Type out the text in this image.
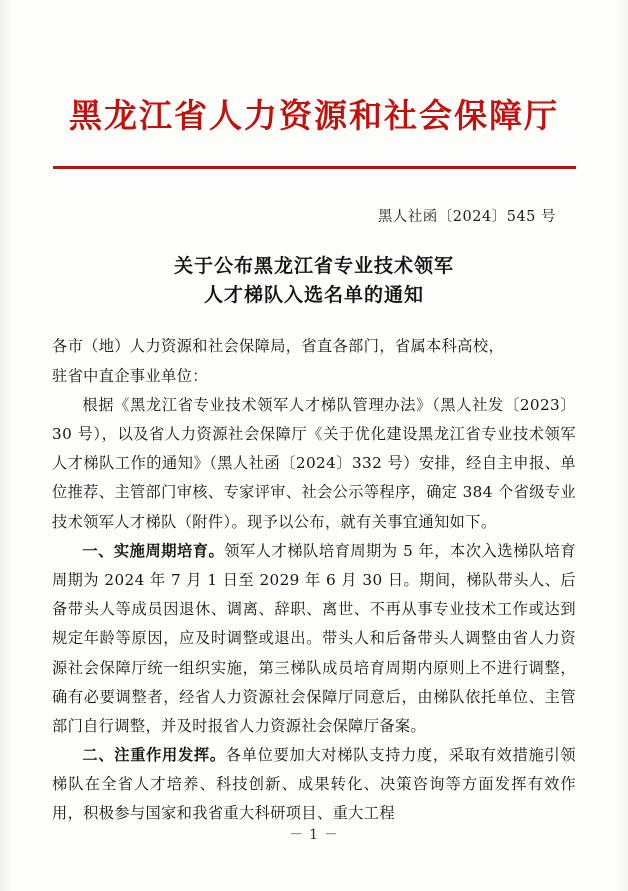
黑龙江省人力资源和社会保障厅
黑人社函〔2024〕545 号
关于公布黑龙江省专业技术领军
人才梯队入选名单的通知

各市（地）人力资源和社会保障局，省直各部门，省属本科高校，

驻省中直企事业单位：

根据《黑龙江省专业技术领军人才梯队管理办法》（黑人社发〔2023〕30 号），以及省人力资源社会保障厅《关于优化建设黑龙江省专业技术领军人才梯队工作的通知》（黑人社函〔2024〕332 号）安排，经自主申报、单位推荐、主管部门审核、专家评审、社会公示等程序，确定 384 个省级专业技术领军人才梯队（附件）。现予以公布，就有关事宜通知如下。

一、实施周期培育。领军人才梯队培育周期为 5 年，本次入选梯队培育周期为 2024 年 7 月 1 日至 2029 年 6 月 30 日。期间，梯队带头人、后备带头人等成员因退休、调离、辞职、离世、不再从事专业技术工作或达到规定年龄等原因，应及时调整或退出。带头人和后备带头人调整由省人力资源社会保障厅统一组织实施，第三梯队成员培育周期内原则上不进行调整，确有必要调整者，经省人力资源社会保障厅同意后，由梯队依托单位、主管部门自行调整，并及时报省人力资源社会保障厅备案。

二、注重作用发挥。各单位要加大对梯队支持力度，采取有效措施引领梯队在全省人才培养、科技创新、成果转化、决策咨询等方面发挥有效作用，积极参与国家和我省重大科研项目、重大工程

－ 1 －
